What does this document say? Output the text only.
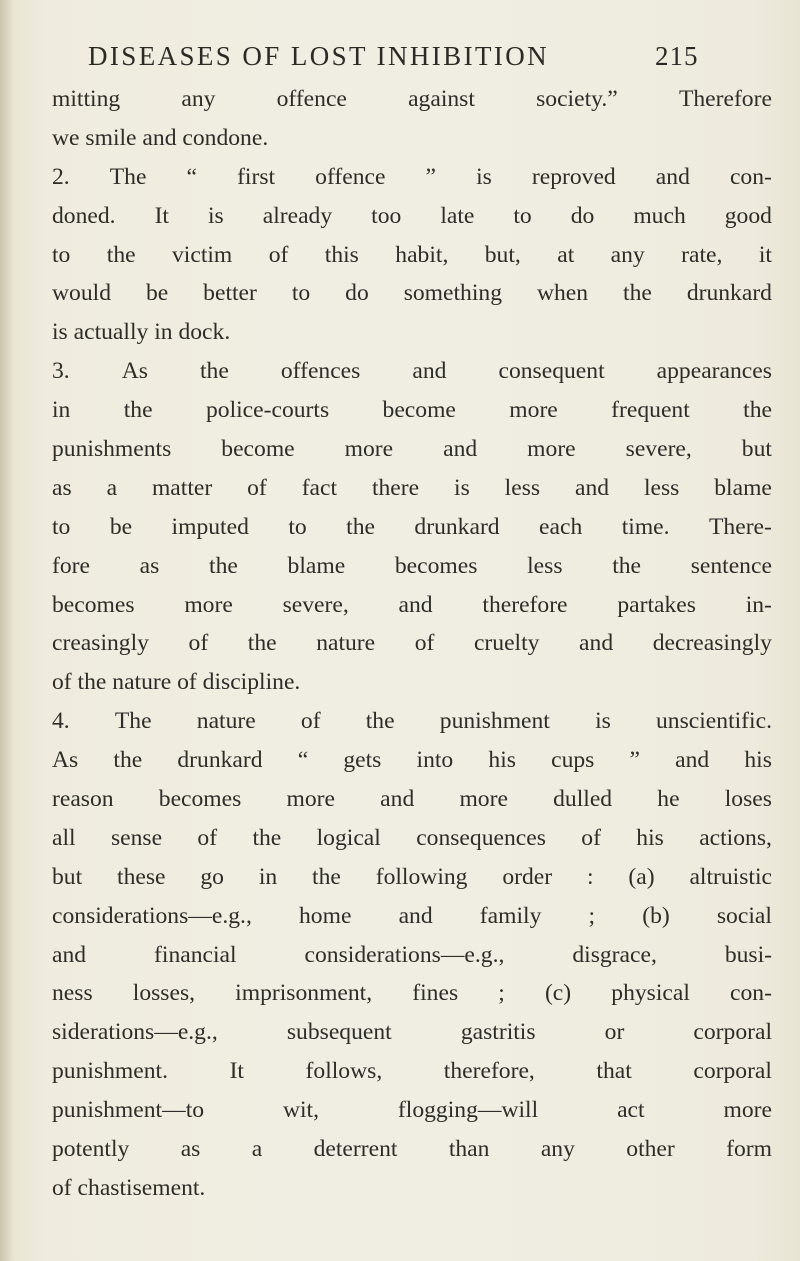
DISEASES OF LOST INHIBITION	215
mitting	any	offence	against	society.”	Therefore
we smile and condone.
2. The “ first offence ” is reproved and con-
doned. It is already too late to do much good
to the victim of this habit, but, at any rate, it
would be better to do something when the drunkard
is actually in dock.
3. As the offences and consequent appearances
in the police-courts become more frequent the
punishments become more and more severe, but
as a matter of fact there is less and less blame
to be imputed to the drunkard each time. There-
fore as the blame becomes less the sentence
becomes more severe, and therefore partakes in-
creasingly of the nature of cruelty and decreasingly
of the nature of discipline.
4. The nature of the punishment is unscientific.
As the drunkard “ gets into his cups ” and his
reason becomes more and more dulled he loses
all sense of the logical consequences of his actions,
but these go in the following order : (a) altruistic
considerations—e.g., home and family ; (b) social
and	financial	considerations—e.g.,	disgrace,	busi-
ness losses, imprisonment, fines ; (c) physical con-
siderations—e.g.,	subsequent	gastritis	or	corporal
punishment.	It	follows,	therefore,	that	corporal
punishment—to	wit,	flogging—will	act	more
potently as a deterrent than any other form
of chastisement.
